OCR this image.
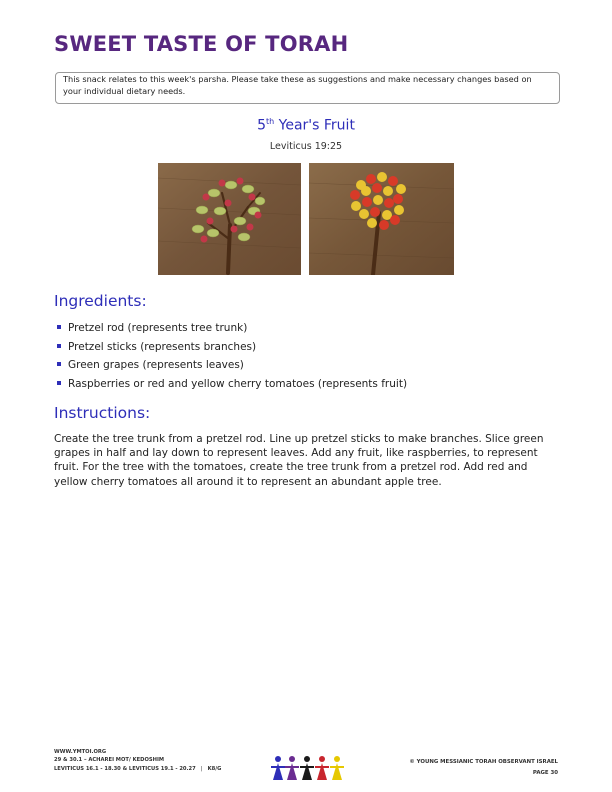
SWEET TASTE OF TORAH
This snack relates to this week's parsha. Please take these as suggestions and make necessary changes based on your individual dietary needs.
5th Year's Fruit
Leviticus 19:25
Ingredients:
Pretzel rod (represents tree trunk)
Pretzel sticks (represents branches)
Green grapes (represents leaves)
Raspberries or red and yellow cherry tomatoes (represents fruit)
Instructions:
Create the tree trunk from a pretzel rod. Line up pretzel sticks to make branches. Slice green grapes in half and lay down to represent leaves. Add any fruit, like raspberries, to represent fruit. For the tree with the tomatoes, create the tree trunk from a pretzel rod. Add red and yellow cherry tomatoes all around it to represent an abundant apple tree.
WWW.YMTOI.ORG
29 & 30.1 – ACHAREI MOT/ KEDOSHIM
LEVITICUS 16.1 - 18.30 & LEVITICUS 19.1 - 20.27 | K8/G
© YOUNG MESSIANIC TORAH OBSERVANT ISRAEL
PAGE 30
